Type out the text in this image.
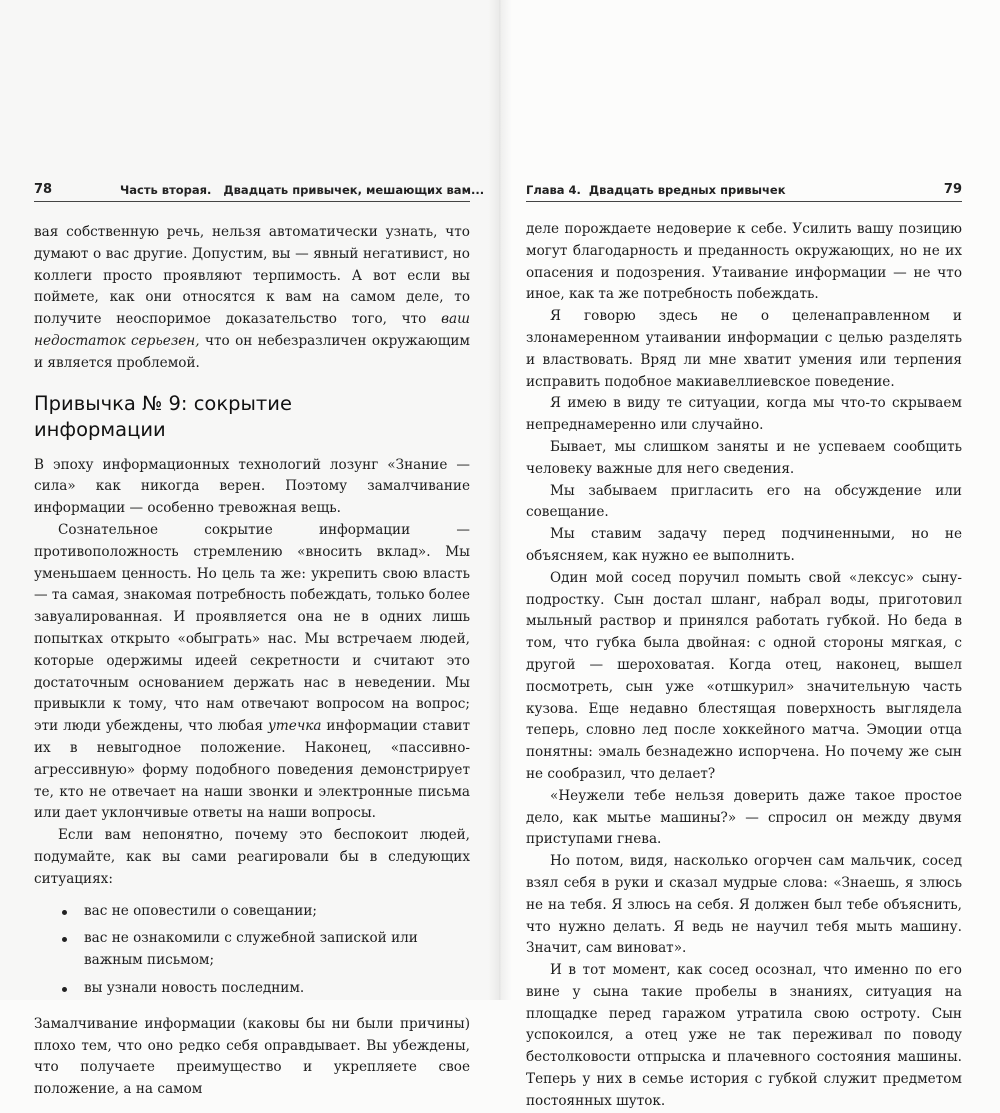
78	Часть вторая.   Двадцать привычек, мешающих вам...

вая собственную речь, нельзя автоматически узнать, что думают о вас другие. Допустим, вы — явный негативист, но коллеги просто проявляют терпимость. А вот если вы поймете, как они относятся к вам на самом деле, то получите неоспоримое доказательство того, что ваш недостаток серьезен, что он небезразличен окружающим и является проблемой.

Привычка № 9: сокрытие
информации

В эпоху информационных технологий лозунг «Знание — сила» как никогда верен. Поэтому замалчивание информации — особенно тревожная вещь.

Сознательное сокрытие информации — противоположность стремлению «вносить вклад». Мы уменьшаем ценность. Но цель та же: укрепить свою власть — та самая, знакомая потребность побеждать, только более завуалированная. И проявляется она не в одних лишь попытках открыто «обыграть» нас. Мы встречаем людей, которые одержимы идеей секретности и считают это достаточным основанием держать нас в неведении. Мы привыкли к тому, что нам отвечают вопросом на вопрос; эти люди убеждены, что любая утечка информации ставит их в невыгодное положение. Наконец, «пассивно-агрессивную» форму подобного поведения демонстрирует те, кто не отвечает на наши звонки и электронные письма или дает уклончивые ответы на наши вопросы.

Если вам непонятно, почему это беспокоит людей, подумайте, как вы сами реагировали бы в следующих ситуациях:

вас не оповестили о совещании;
вас не ознакомили с служебной запиской или важным письмом;
вы узнали новость последним.

Замалчивание информации (каковы бы ни были причины) плохо тем, что оно редко себя оправдывает. Вы убеждены, что получаете преимущество и укрепляете свое положение, а на самом

Глава 4.  Двадцать вредных привычек	79

деле порождаете недоверие к себе. Усилить вашу позицию могут благодарность и преданность окружающих, но не их опасения и подозрения. Утаивание информации — не что иное, как та же потребность побеждать.

Я говорю здесь не о целенаправленном и злонамеренном утаивании информации с целью разделять и властвовать. Вряд ли мне хватит умения или терпения исправить подобное макиавеллиевское поведение.

Я имею в виду те ситуации, когда мы что-то скрываем непреднамеренно или случайно.

Бывает, мы слишком заняты и не успеваем сообщить человеку важные для него сведения.

Мы забываем пригласить его на обсуждение или совещание.

Мы ставим задачу перед подчиненными, но не объясняем, как нужно ее выполнить.

Один мой сосед поручил помыть свой «лексус» сыну-подростку. Сын достал шланг, набрал воды, приготовил мыльный раствор и принялся работать губкой. Но беда в том, что губка была двойная: с одной стороны мягкая, с другой — шероховатая. Когда отец, наконец, вышел посмотреть, сын уже «отшкурил» значительную часть кузова. Еще недавно блестящая поверхность выглядела теперь, словно лед после хоккейного матча. Эмоции отца понятны: эмаль безнадежно испорчена. Но почему же сын не сообразил, что делает?

«Неужели тебе нельзя доверить даже такое простое дело, как мытье машины?» — спросил он между двумя приступами гнева.

Но потом, видя, насколько огорчен сам мальчик, сосед взял себя в руки и сказал мудрые слова: «Знаешь, я злюсь не на тебя. Я злюсь на себя. Я должен был тебе объяснить, что нужно делать. Я ведь не научил тебя мыть машину. Значит, сам виноват».

И в тот момент, как сосед осознал, что именно по его вине у сына такие пробелы в знаниях, ситуация на площадке перед гаражом утратила свою остроту. Сын успокоился, а отец уже не так переживал по поводу бестолковости отпрыска и плачевного состояния машины. Теперь у них в семье история с губкой служит предметом постоянных шуток.
